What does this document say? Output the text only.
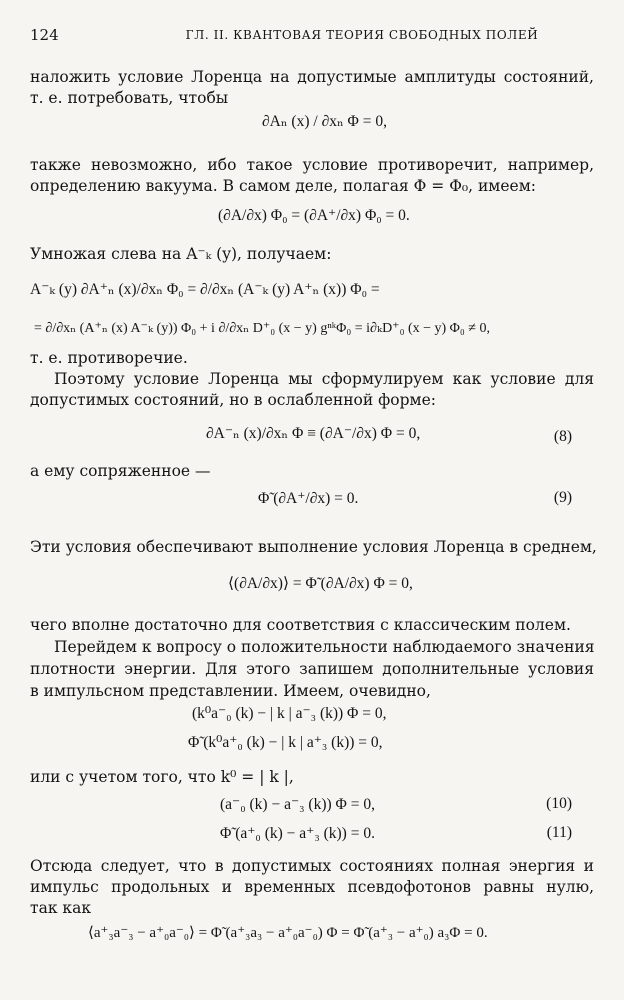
124	ГЛ. II. КВАНТОВАЯ ТЕОРИЯ СВОБОДНЫХ ПОЛЕЙ
наложить условие Лоренца на допустимые амплитуды состояний,
т. е. потребовать, чтобы
∂Aₙ (x) / ∂xₙ Φ = 0,
также невозможно, ибо такое условие противоречит, например,
определению вакуума. В самом деле, полагая Φ = Φ₀, имеем:
(∂A/∂x) Φ₀ = (∂A⁺/∂x) Φ₀ = 0.
Умножая слева на A⁻ₖ (y), получаем:
A⁻ₖ (y) ∂A⁺ₙ (x)/∂xₙ Φ₀ = ∂/∂xₙ (A⁻ₖ (y) A⁺ₙ (x)) Φ₀ =
= ∂/∂xₙ (A⁺ₙ (x) A⁻ₖ (y)) Φ₀ + i ∂/∂xₙ D⁺₀ (x − y) gⁿᵏΦ₀ = i∂ₖD⁺₀ (x − y) Φ₀ ≠ 0,
т. е. противоречие.
Поэтому условие Лоренца мы сформулируем как условие для
допустимых состояний, но в ослабленной форме:
∂A⁻ₙ (x)/∂xₙ Φ ≡ (∂A⁻/∂x) Φ = 0,	(8)
а ему сопряженное —
Φ̃ (∂A⁺/∂x) = 0.	(9)
Эти условия обеспечивают выполнение условия Лоренца в среднем,
⟨(∂A/∂x)⟩ = Φ̃ (∂A/∂x) Φ = 0,
чего вполне достаточно для соответствия с классическим полем.
Перейдем к вопросу о положительности наблюдаемого значения
плотности энергии. Для этого запишем дополнительные условия
в импульсном представлении. Имеем, очевидно,
(k⁰a⁻₀ (k) − | k | a⁻₃ (k)) Φ = 0,
Φ̃ (k⁰a⁺₀ (k) − | k | a⁺₃ (k)) = 0,
или с учетом того, что k⁰ = | k |,
(a⁻₀ (k) − a⁻₃ (k)) Φ = 0,	(10)
Φ̃ (a⁺₀ (k) − a⁺₃ (k)) = 0.	(11)
Отсюда следует, что в допустимых состояниях полная энергия и
импульс продольных и временных псевдофотонов равны нулю,
так как
⟨a⁺₃a⁻₃ − a⁺₀a⁻₀⟩ = Φ̃ (a⁺₃a₃ − a⁺₀a⁻₀) Φ = Φ̃ (a⁺₃ − a⁺₀) a₃Φ = 0.
